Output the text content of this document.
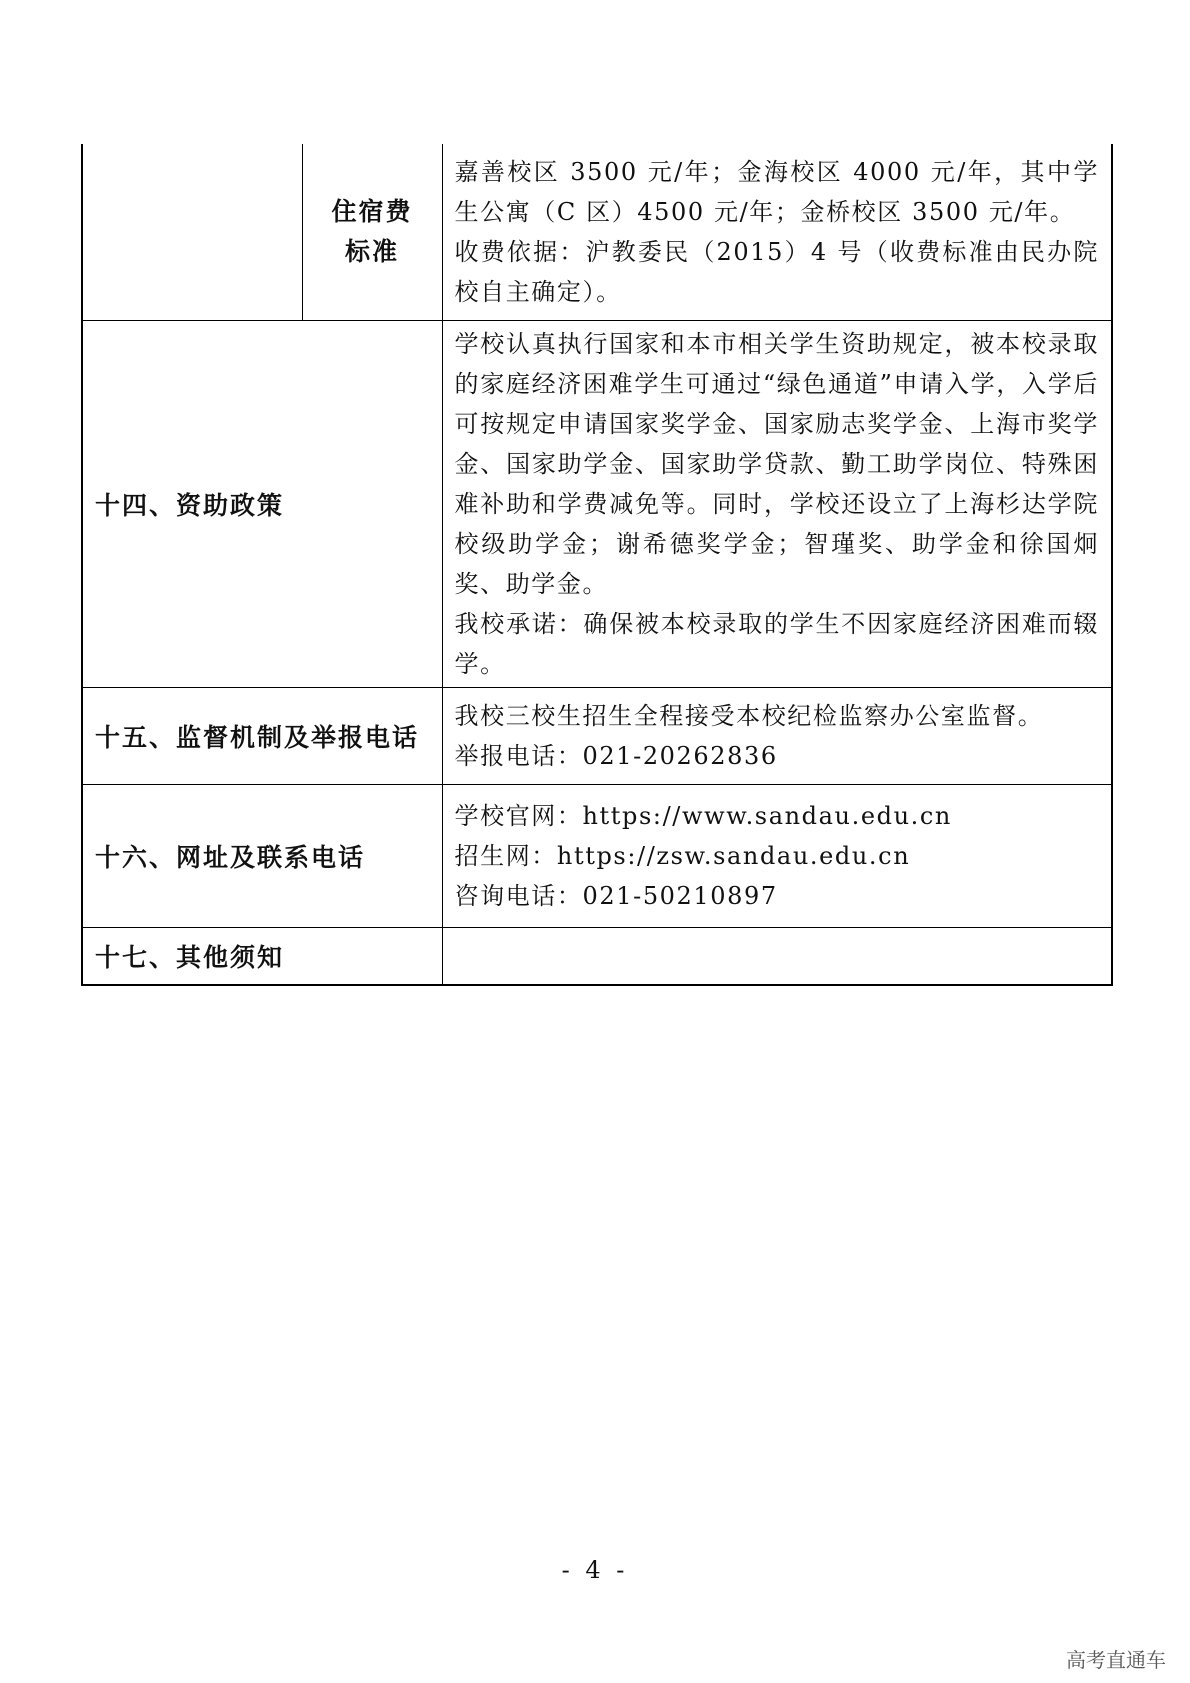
	住宿费标准	嘉善校区 3500 元/年；金海校区 4000 元/年，其中学生公寓（C 区）4500 元/年；金桥校区 3500 元/年。

收费依据：沪教委民（2015）4 号（收费标准由民办院校自主确定）。

十四、资助政策		学校认真执行国家和本市相关学生资助规定，被本校录取的家庭经济困难学生可通过“绿色通道”申请入学，入学后可按规定申请国家奖学金、国家励志奖学金、上海市奖学金、国家助学金、国家助学贷款、勤工助学岗位、特殊困难补助和学费减免等。同时，学校还设立了上海杉达学院校级助学金；谢希德奖学金；智瑾奖、助学金和徐国炯奖、助学金。

我校承诺：确保被本校录取的学生不因家庭经济困难而辍学。

十五、监督机制及举报电话		我校三校生招生全程接受本校纪检监察办公室监督。

举报电话：021-20262836

十六、网址及联系电话		学校官网：https://www.sandau.edu.cn

招生网：https://zsw.sandau.edu.cn

咨询电话：021-50210897

十七、其他须知		
- 4 -
高考直通车
